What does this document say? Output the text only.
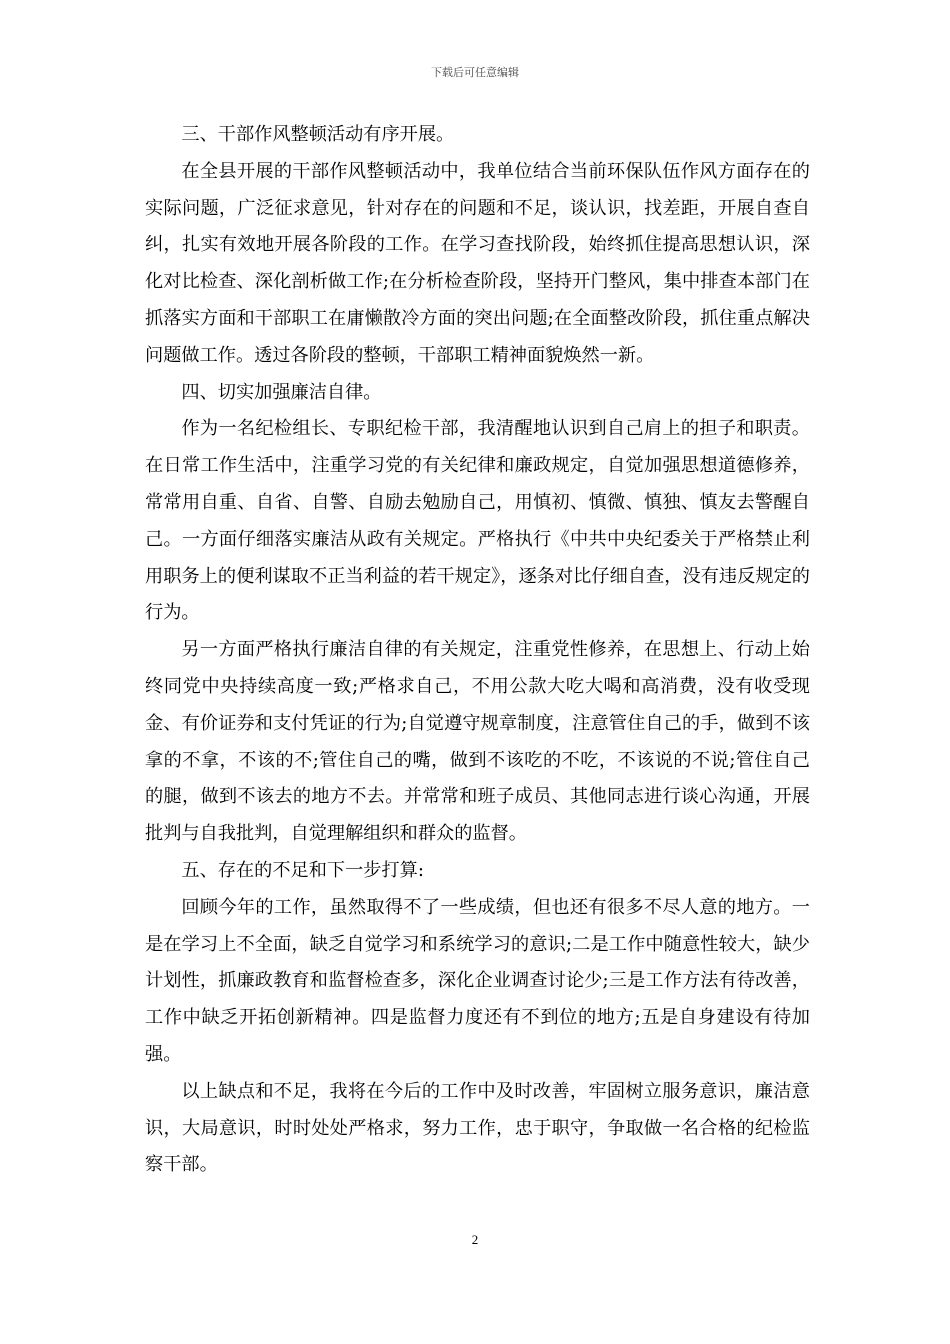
下载后可任意编辑

三、干部作风整顿活动有序开展。

在全县开展的干部作风整顿活动中，我单位结合当前环保队伍作风方面存在的实际问题，广泛征求意见，针对存在的问题和不足，谈认识，找差距，开展自查自纠，扎实有效地开展各阶段的工作。在学习查找阶段，始终抓住提高思想认识，深化对比检查、深化剖析做工作;在分析检查阶段，坚持开门整风，集中排查本部门在抓落实方面和干部职工在庸懒散冷方面的突出问题;在全面整改阶段，抓住重点解决问题做工作。透过各阶段的整顿，干部职工精神面貌焕然一新。

四、切实加强廉洁自律。

作为一名纪检组长、专职纪检干部，我清醒地认识到自己肩上的担子和职责。在日常工作生活中，注重学习党的有关纪律和廉政规定，自觉加强思想道德修养，常常用自重、自省、自警、自励去勉励自己，用慎初、慎微、慎独、慎友去警醒自己。一方面仔细落实廉洁从政有关规定。严格执行《中共中央纪委关于严格禁止利用职务上的便利谋取不正当利益的若干规定》，逐条对比仔细自查，没有违反规定的行为。

另一方面严格执行廉洁自律的有关规定，注重党性修养，在思想上、行动上始终同党中央持续高度一致;严格求自己，不用公款大吃大喝和高消费，没有收受现金、有价证券和支付凭证的行为;自觉遵守规章制度，注意管住自己的手，做到不该拿的不拿，不该的不;管住自己的嘴，做到不该吃的不吃，不该说的不说;管住自己的腿，做到不该去的地方不去。并常常和班子成员、其他同志进行谈心沟通，开展批判与自我批判，自觉理解组织和群众的监督。

五、存在的不足和下一步打算:

回顾今年的工作，虽然取得不了一些成绩，但也还有很多不尽人意的地方。一是在学习上不全面，缺乏自觉学习和系统学习的意识;二是工作中随意性较大，缺少计划性，抓廉政教育和监督检查多，深化企业调查讨论少;三是工作方法有待改善，工作中缺乏开拓创新精神。四是监督力度还有不到位的地方;五是自身建设有待加强。

以上缺点和不足，我将在今后的工作中及时改善，牢固树立服务意识，廉洁意识，大局意识，时时处处严格求，努力工作，忠于职守，争取做一名合格的纪检监察干部。

2
